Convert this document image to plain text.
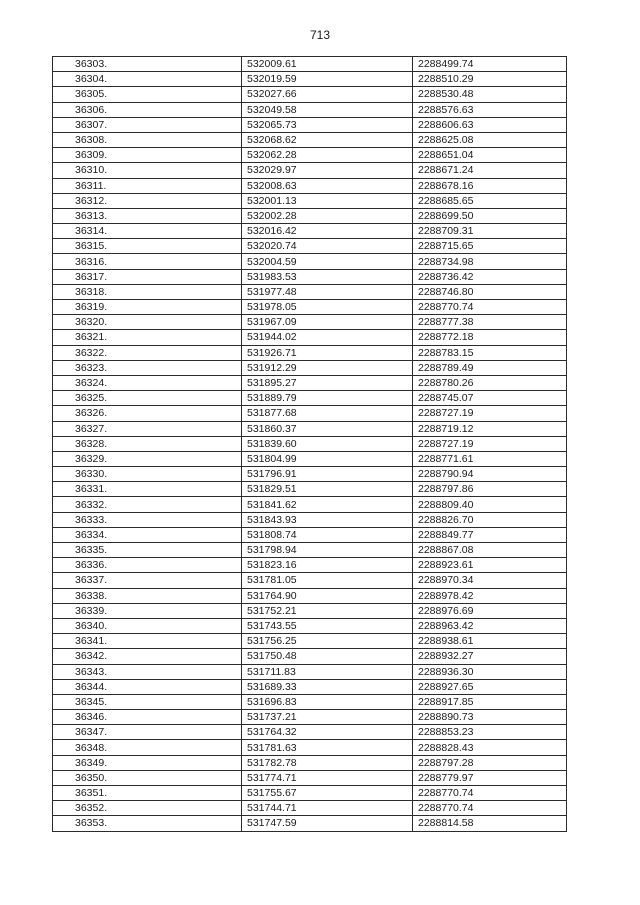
713
36303.	532009.61	2288499.74
36304.	532019.59	2288510.29
36305.	532027.66	2288530.48
36306.	532049.58	2288576.63
36307.	532065.73	2288606.63
36308.	532068.62	2288625.08
36309.	532062.28	2288651.04
36310.	532029.97	2288671.24
36311.	532008.63	2288678.16
36312.	532001.13	2288685.65
36313.	532002.28	2288699.50
36314.	532016.42	2288709.31
36315.	532020.74	2288715.65
36316.	532004.59	2288734.98
36317.	531983.53	2288736.42
36318.	531977.48	2288746.80
36319.	531978.05	2288770.74
36320.	531967.09	2288777.38
36321.	531944.02	2288772.18
36322.	531926.71	2288783.15
36323.	531912.29	2288789.49
36324.	531895.27	2288780.26
36325.	531889.79	2288745.07
36326.	531877.68	2288727.19
36327.	531860.37	2288719.12
36328.	531839.60	2288727.19
36329.	531804.99	2288771.61
36330.	531796.91	2288790.94
36331.	531829.51	2288797.86
36332.	531841.62	2288809.40
36333.	531843.93	2288826.70
36334.	531808.74	2288849.77
36335.	531798.94	2288867.08
36336.	531823.16	2288923.61
36337.	531781.05	2288970.34
36338.	531764.90	2288978.42
36339.	531752.21	2288976.69
36340.	531743.55	2288963.42
36341.	531756.25	2288938.61
36342.	531750.48	2288932.27
36343.	531711.83	2288936.30
36344.	531689.33	2288927.65
36345.	531696.83	2288917.85
36346.	531737.21	2288890.73
36347.	531764.32	2288853.23
36348.	531781.63	2288828.43
36349.	531782.78	2288797.28
36350.	531774.71	2288779.97
36351.	531755.67	2288770.74
36352.	531744.71	2288770.74
36353.	531747.59	2288814.58
